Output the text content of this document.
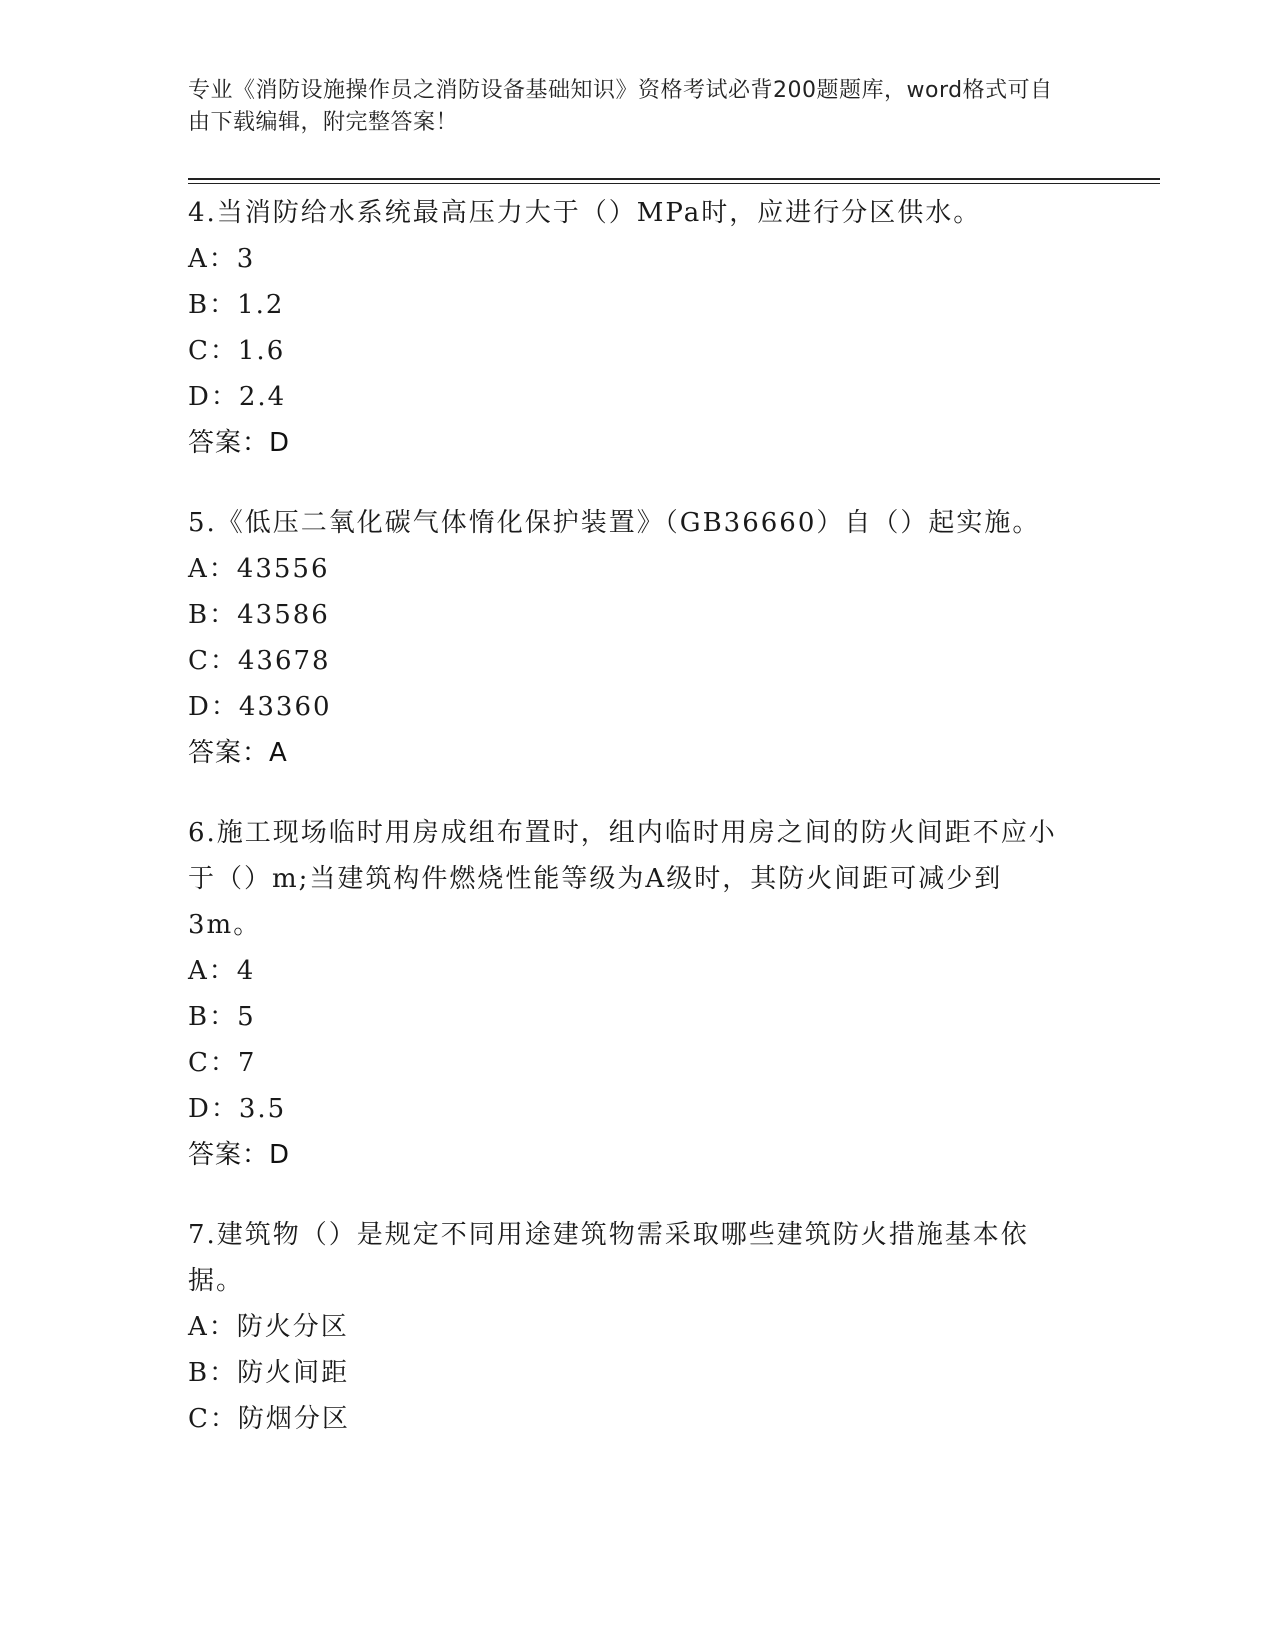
专业《消防设施操作员之消防设备基础知识》资格考试必背200题题库，word格式可自由下载编辑，附完整答案！

4.当消防给水系统最高压力大于（）MPa时，应进行分区供水。

A：3

B：1.2

C：1.6

D：2.4

答案：D

5.《低压二氧化碳气体惰化保护装置》（GB36660）自（）起实施。

A：43556

B：43586

C：43678

D：43360

答案：A

6.施工现场临时用房成组布置时，组内临时用房之间的防火间距不应小于（）m;当建筑构件燃烧性能等级为A级时，其防火间距可减少到3m。

A：4

B：5

C：7

D：3.5

答案：D

7.建筑物（）是规定不同用途建筑物需采取哪些建筑防火措施基本依据。

A：防火分区

B：防火间距

C：防烟分区
